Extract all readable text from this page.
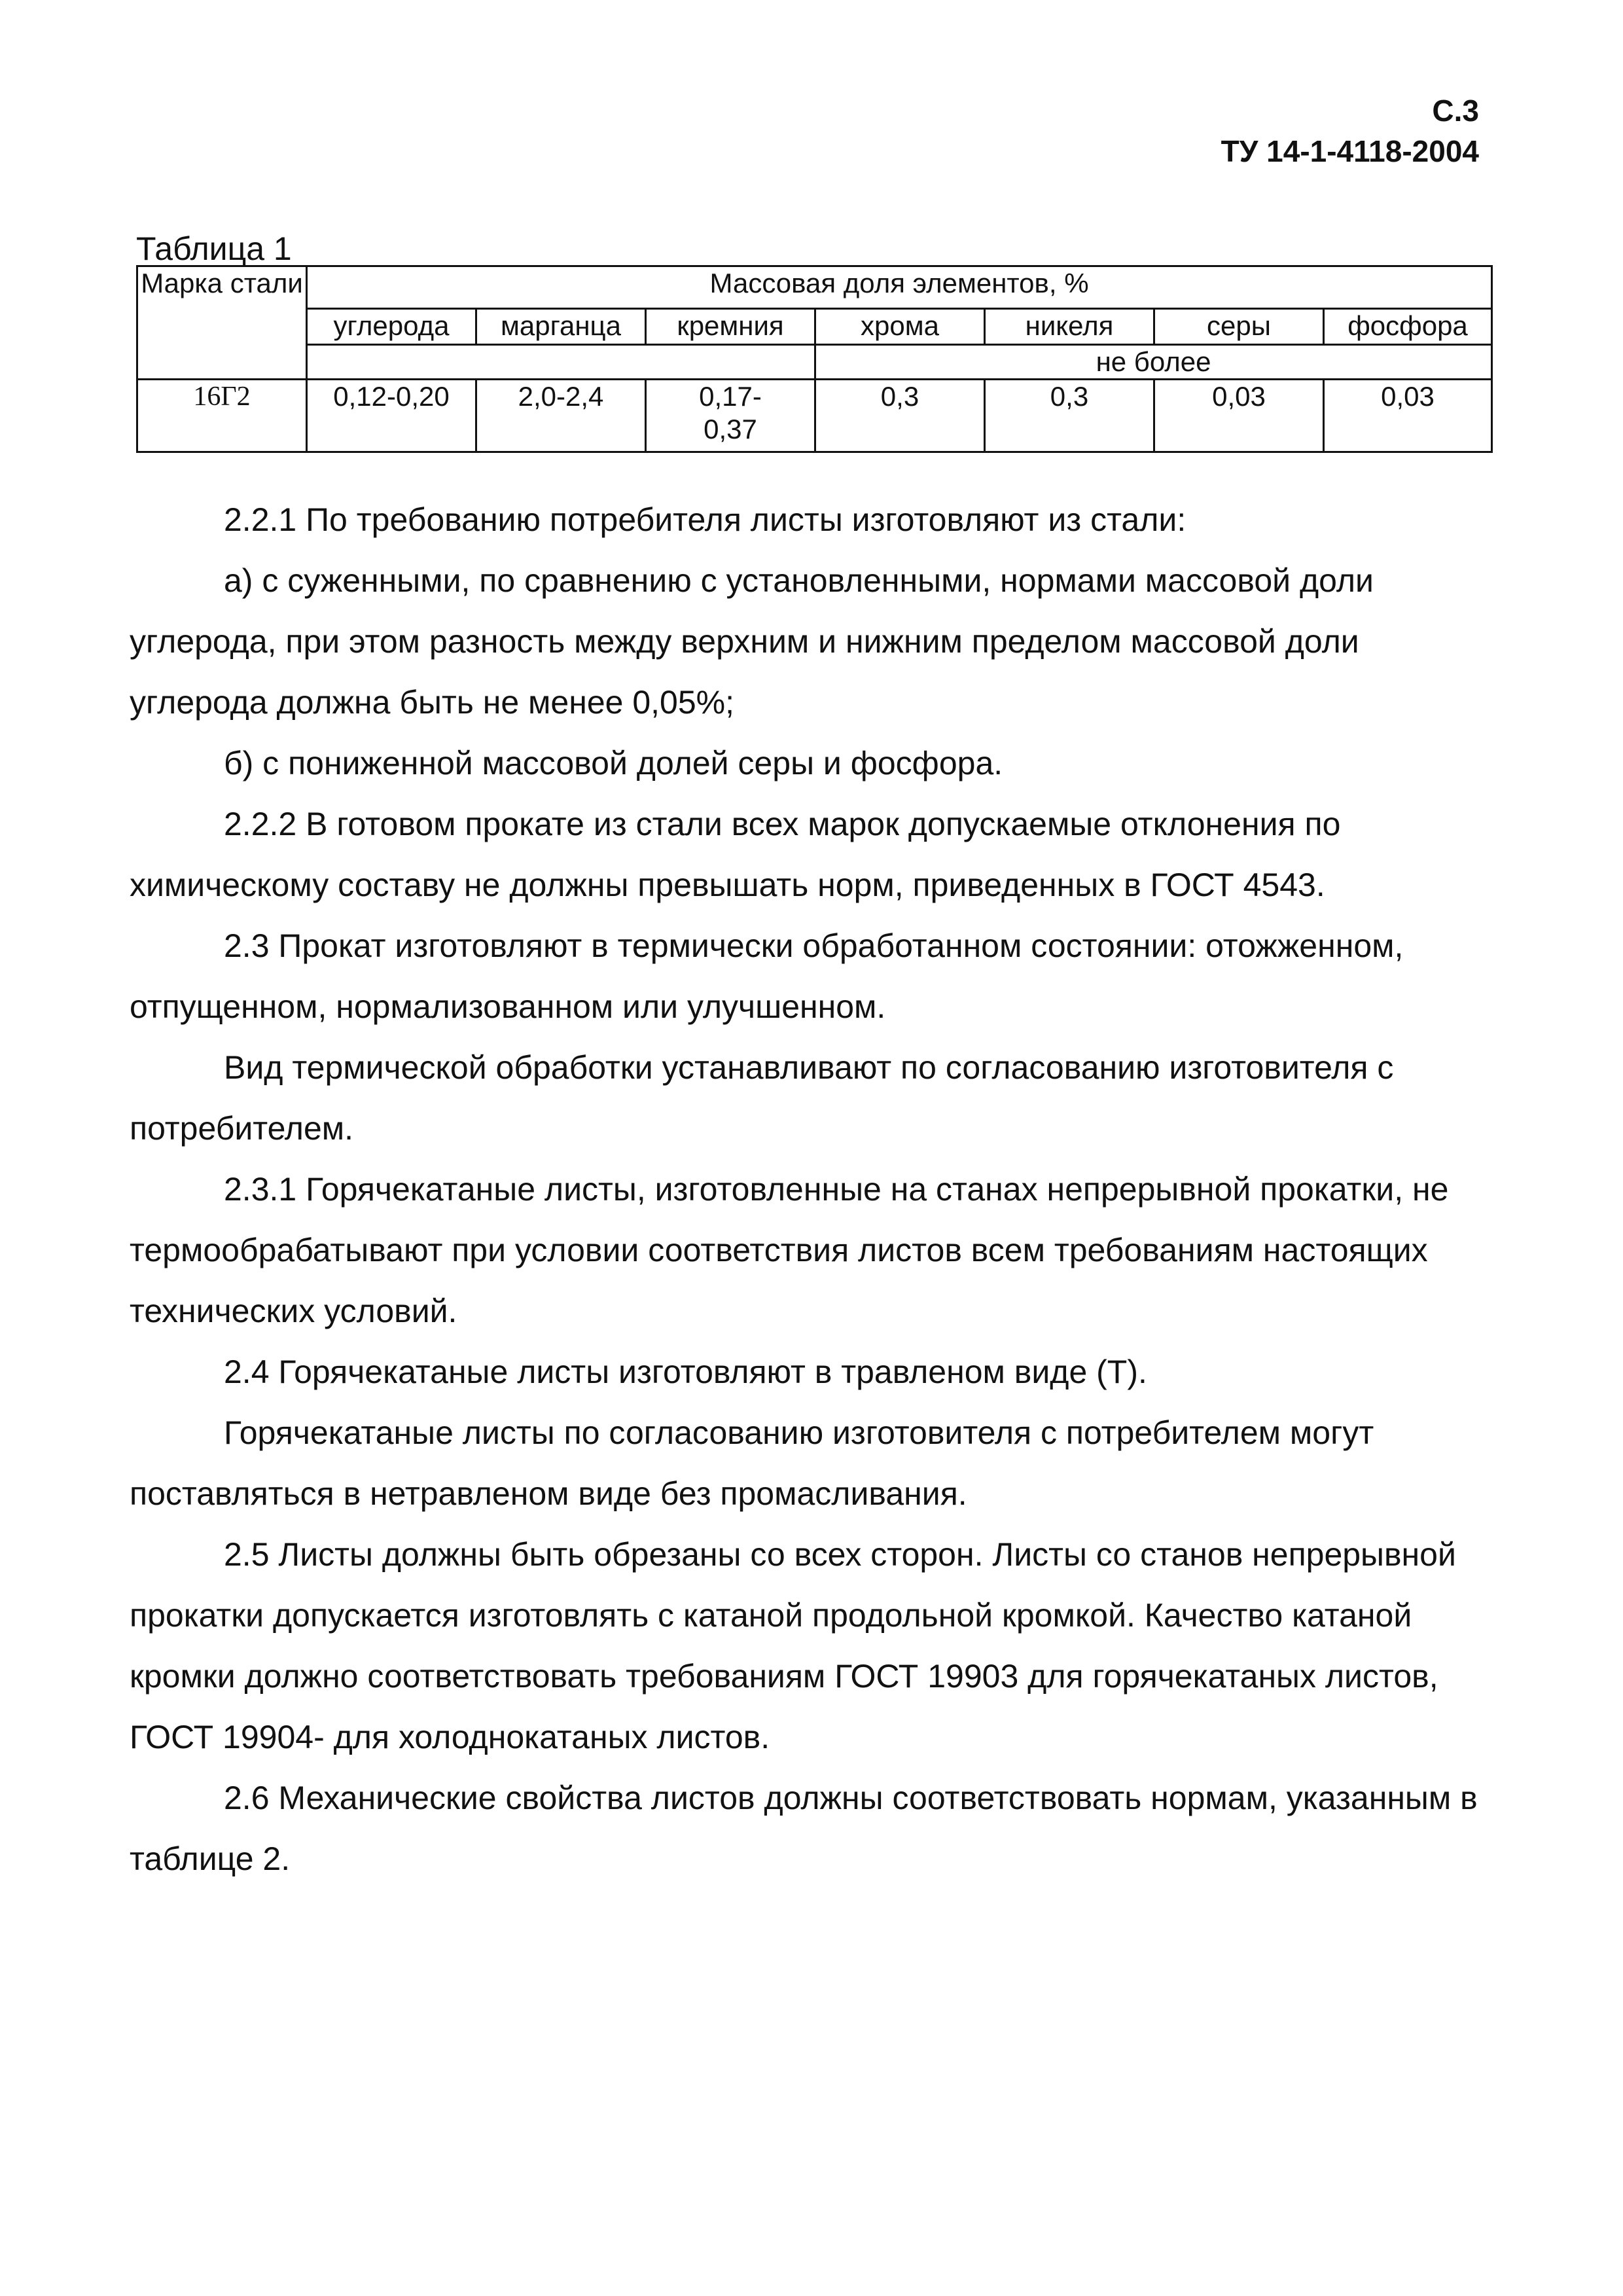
С.3
ТУ 14-1-4118-2004
Таблица 1
Марка стали	Массовая доля элементов, %						
	углерода	марганца	кремния	хрома	никеля	серы	фосфора
				не более			
16Г2	0,12-0,20	2,0-2,4	0,17-0,37	0,3	0,3	0,03	0,03

2.2.1 По требованию потребителя листы изготовляют из стали:

а) с суженными, по сравнению с установленными, нормами массовой доли углерода, при этом разность между верхним и нижним пределом массовой доли углерода должна быть не менее 0,05%;

б) с пониженной массовой долей серы и фосфора.

2.2.2 В готовом прокате из стали всех марок допускаемые отклонения по химическому составу не должны превышать норм, приведенных в ГОСТ 4543.

2.3 Прокат изготовляют в термически обработанном состоянии: отожженном, отпущенном, нормализованном или улучшенном.

Вид термической обработки устанавливают по согласованию изготовителя с потребителем.

2.3.1 Горячекатаные листы, изготовленные на станах непрерывной прокатки, не термообрабатывают при условии соответствия листов всем требованиям настоящих технических условий.

2.4 Горячекатаные листы изготовляют в травленом виде (Т).

Горячекатаные листы по согласованию изготовителя с потребителем могут поставляться в нетравленом виде без промасливания.

2.5 Листы должны быть обрезаны со всех сторон. Листы со станов непрерывной прокатки допускается изготовлять с катаной продольной кромкой. Качество катаной кромки должно соответствовать требованиям ГОСТ 19903 для горячекатаных листов, ГОСТ 19904- для холоднокатаных листов.

2.6 Механические свойства листов должны соответствовать нормам, указанным в таблице 2.
